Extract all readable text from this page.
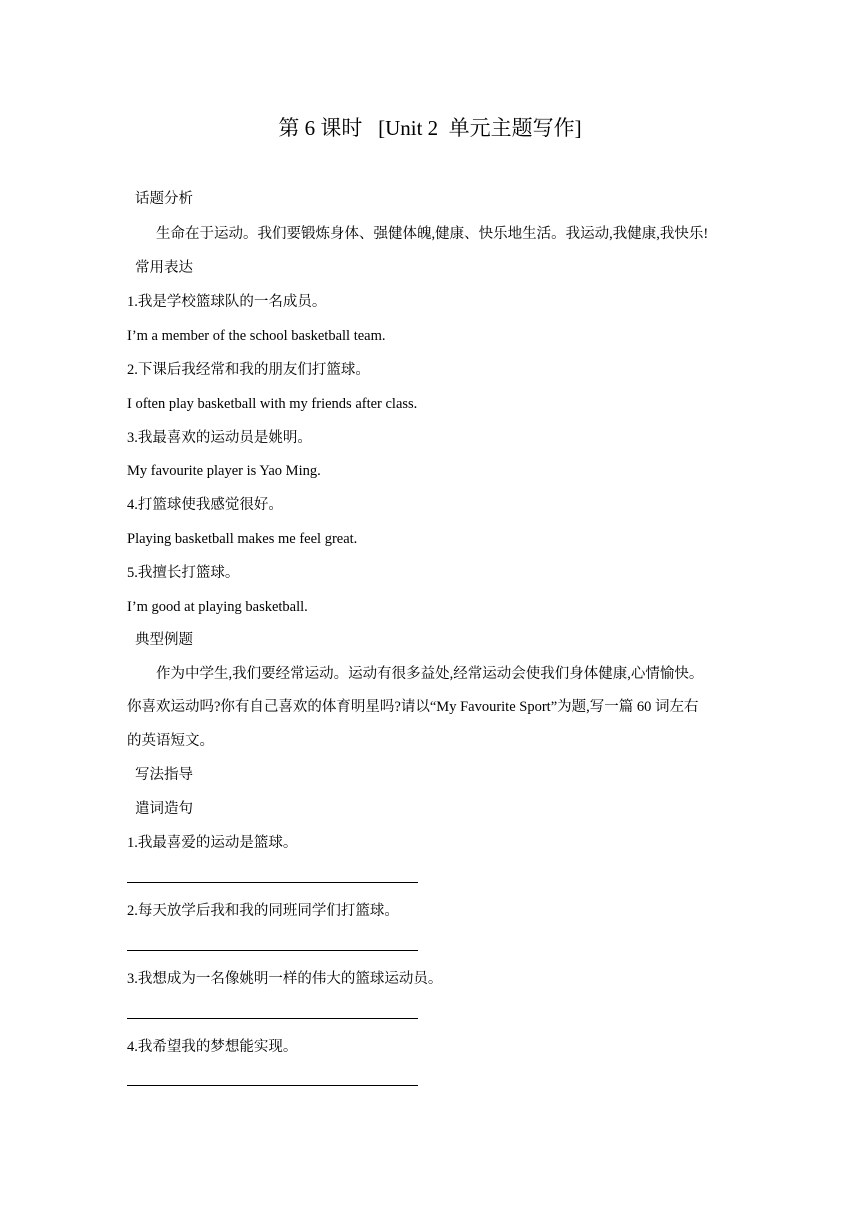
第 6 课时   [Unit 2  单元主题写作]
话题分析
生命在于运动。我们要锻炼身体、强健体魄,健康、快乐地生活。我运动,我健康,我快乐!
常用表达
1.我是学校篮球队的一名成员。
I’m a member of the school basketball team.
2.下课后我经常和我的朋友们打篮球。
I often play basketball with my friends after class.
3.我最喜欢的运动员是姚明。
My favourite player is Yao Ming.
4.打篮球使我感觉很好。
Playing basketball makes me feel great.
5.我擅长打篮球。
I’m good at playing basketball.
典型例题
作为中学生,我们要经常运动。运动有很多益处,经常运动会使我们身体健康,心情愉快。
你喜欢运动吗?你有自己喜欢的体育明星吗?请以“My Favourite Sport”为题,写一篇 60 词左右
的英语短文。
写法指导
遣词造句
1.我最喜爱的运动是篮球。
2.每天放学后我和我的同班同学们打篮球。
3.我想成为一名像姚明一样的伟大的篮球运动员。
4.我希望我的梦想能实现。
